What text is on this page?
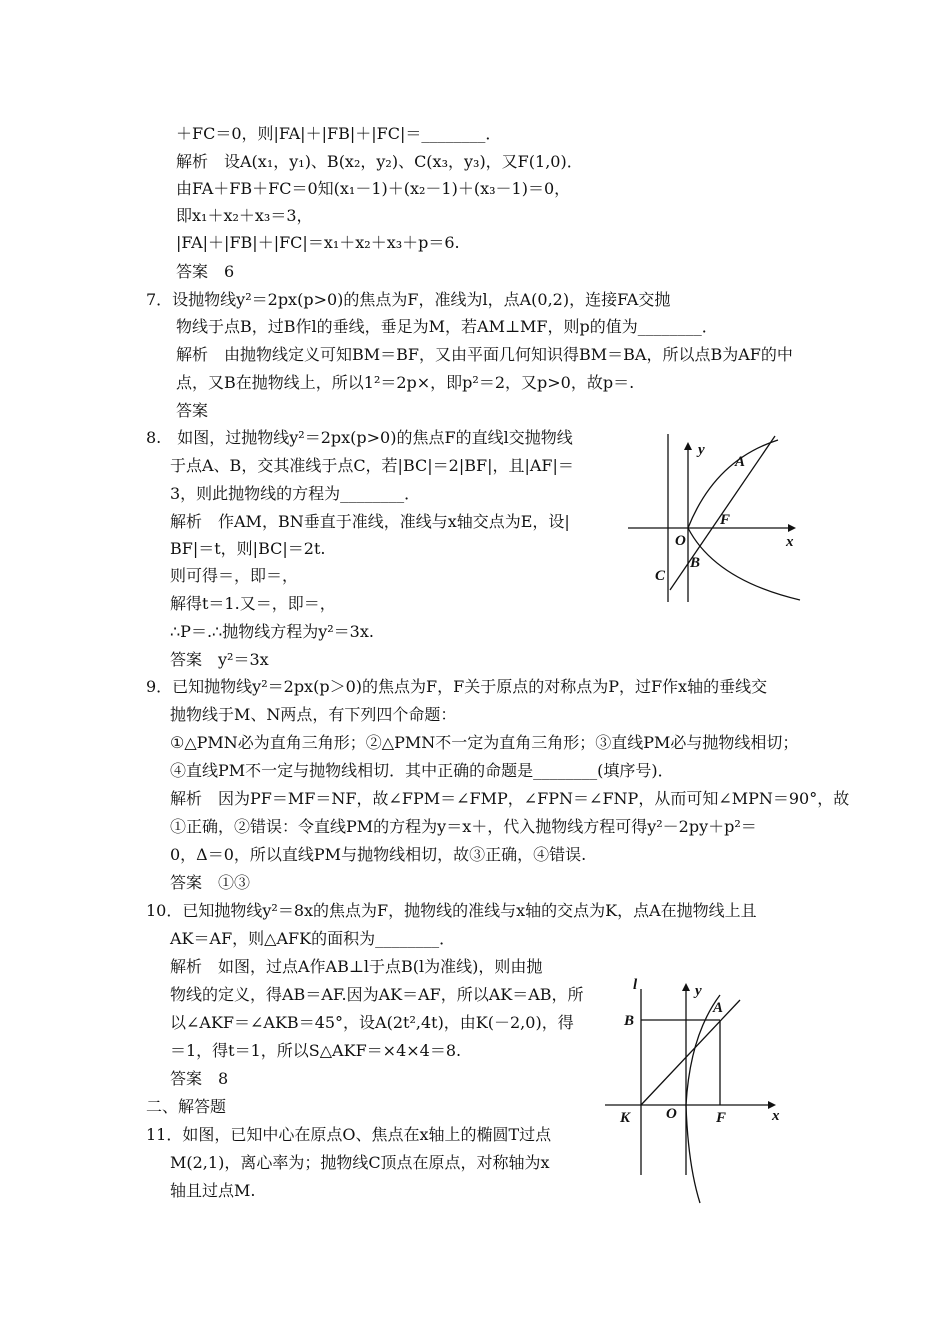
＋FC＝0，则|FA|＋|FB|＋|FC|＝________．
解析　设A(x₁，y₁)、B(x₂，y₂)、C(x₃，y₃)，又F(1,0)．
由FA＋FB＋FC＝0知(x₁－1)＋(x₂－1)＋(x₃－1)＝0，
即x₁＋x₂＋x₃＝3，
|FA|＋|FB|＋|FC|＝x₁＋x₂＋x₃＋p＝6.
答案　6
7．设抛物线y²＝2px(p>0)的焦点为F，准线为l，点A(0,2)，连接FA交抛
物线于点B，过B作l的垂线，垂足为M，若AM⊥MF，则p的值为________．
解析　由抛物线定义可知BM＝BF，又由平面几何知识得BM＝BA，所以点B为AF的中
点，又B在抛物线上，所以1²＝2p×，即p²＝2，又p>0，故p＝.
答案
8.　如图，过抛物线y²＝2px(p>0)的焦点F的直线l交抛物线
于点A、B，交其准线于点C，若|BC|＝2|BF|，且|AF|＝
3，则此抛物线的方程为________．
解析　作AM，BN垂直于准线，准线与x轴交点为E，设|
BF|＝t，则|BC|＝2t.
则可得＝，即＝，
解得t＝1.又＝，即＝，
∴P＝.∴抛物线方程为y²＝3x.
答案　y²＝3x
9．已知抛物线y²＝2px(p＞0)的焦点为F，F关于原点的对称点为P，过F作x轴的垂线交
抛物线于M、N两点，有下列四个命题：
①△PMN必为直角三角形；②△PMN不一定为直角三角形；③直线PM必与抛物线相切；
④直线PM不一定与抛物线相切．其中正确的命题是________(填序号)．
解析　因为PF＝MF＝NF，故∠FPM＝∠FMP，∠FPN＝∠FNP，从而可知∠MPN＝90°，故
①正确，②错误：令直线PM的方程为y＝x＋，代入抛物线方程可得y²－2py＋p²＝
0，Δ＝0，所以直线PM与抛物线相切，故③正确，④错误.
答案　①③
10．已知抛物线y²＝8x的焦点为F，抛物线的准线与x轴的交点为K，点A在抛物线上且
AK＝AF，则△AFK的面积为________．
解析　如图，过点A作AB⊥l于点B(l为准线)，则由抛
物线的定义，得AB＝AF.因为AK＝AF，所以AK＝AB，所
以∠AKF＝∠AKB＝45°，设A(2t²,4t)，由K(－2,0)，得
＝1，得t＝1，所以S△AKF＝×4×4＝8.
答案　8
二、解答题
11．如图，已知中心在原点O、焦点在x轴上的椭圆T过点
M(2,1)，离心率为；抛物线C顶点在原点，对称轴为x
轴且过点M.
y
x
A
F
O
B
C
l	y
A
B
K O	F	x
